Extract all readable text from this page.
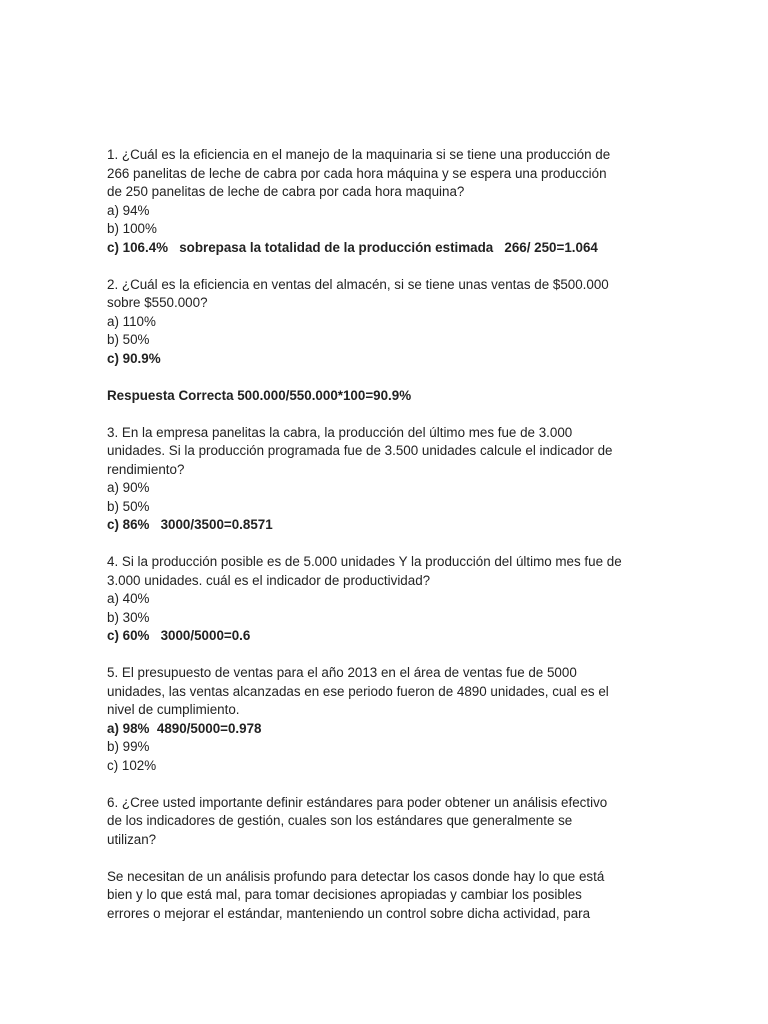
1. ¿Cuál es la eficiencia en el manejo de la maquinaria si se tiene una producción de
266 panelitas de leche de cabra por cada hora máquina y se espera una producción
de 250 panelitas de leche de cabra por cada hora maquina?
a) 94%
b) 100%
c) 106.4%   sobrepasa la totalidad de la producción estimada   266/ 250=1.064
2. ¿Cuál es la eficiencia en ventas del almacén, si se tiene unas ventas de $500.000
sobre $550.000?
a) 110%
b) 50%
c) 90.9%
Respuesta Correcta 500.000/550.000*100=90.9%
3. En la empresa panelitas la cabra, la producción del último mes fue de 3.000
unidades. Si la producción programada fue de 3.500 unidades calcule el indicador de
rendimiento?
a) 90%
b) 50%
c) 86%   3000/3500=0.8571
4. Si la producción posible es de 5.000 unidades Y la producción del último mes fue de
3.000 unidades. cuál es el indicador de productividad?
a) 40%
b) 30%
c) 60%   3000/5000=0.6
5. El presupuesto de ventas para el año 2013 en el área de ventas fue de 5000
unidades, las ventas alcanzadas en ese periodo fueron de 4890 unidades, cual es el
nivel de cumplimiento.
a) 98%  4890/5000=0.978
b) 99%
c) 102%
6. ¿Cree usted importante definir estándares para poder obtener un análisis efectivo
de los indicadores de gestión, cuales son los estándares que generalmente se
utilizan?
Se necesitan de un análisis profundo para detectar los casos donde hay lo que está
bien y lo que está mal, para tomar decisiones apropiadas y cambiar los posibles
errores o mejorar el estándar, manteniendo un control sobre dicha actividad, para
